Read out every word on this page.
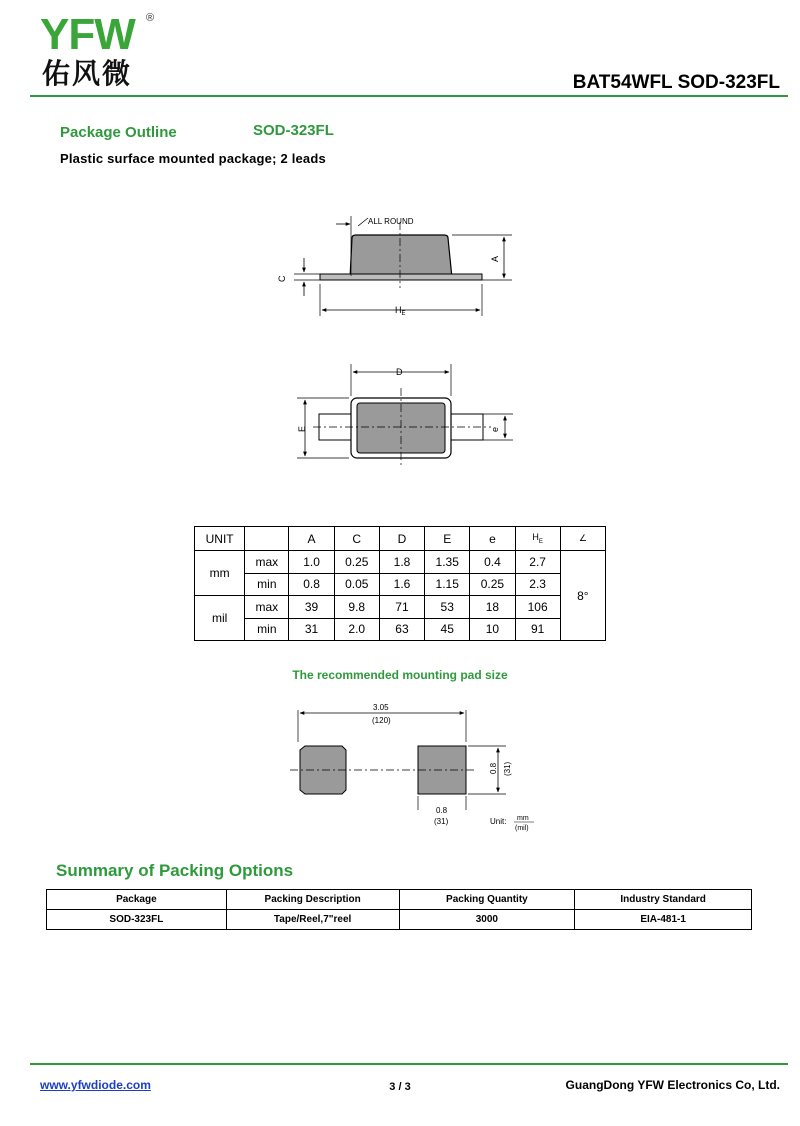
YFW ®
佑风微	BAT54WFL SOD-323FL
Package Outline	SOD-323FL
Plastic surface mounted package; 2 leads
ALL ROUND
A
C
$H_E$
D
E	e
UNIT		A	C	D	E	e	$H_E$	∠
mm	max	1.0	0.25	1.8	1.35	0.4	2.7	8°
	min	0.8	0.05	1.6	1.15	0.25	2.3	
mil	max	39	9.8	71	53	18	106	
	min	31	2.0	63	45	10	91	
The recommended mounting pad size
3.05
(120)
0.8 (31)
0.8
(31)	Unit: mm
(mil)
Summary of Packing Options
Package	Packing Description	Packing Quantity	Industry Standard
SOD-323FL	Tape/Reel,7"reel	3000	EIA-481-1
www.yfwdiode.com	3 / 3	GuangDong YFW Electronics Co, Ltd.
